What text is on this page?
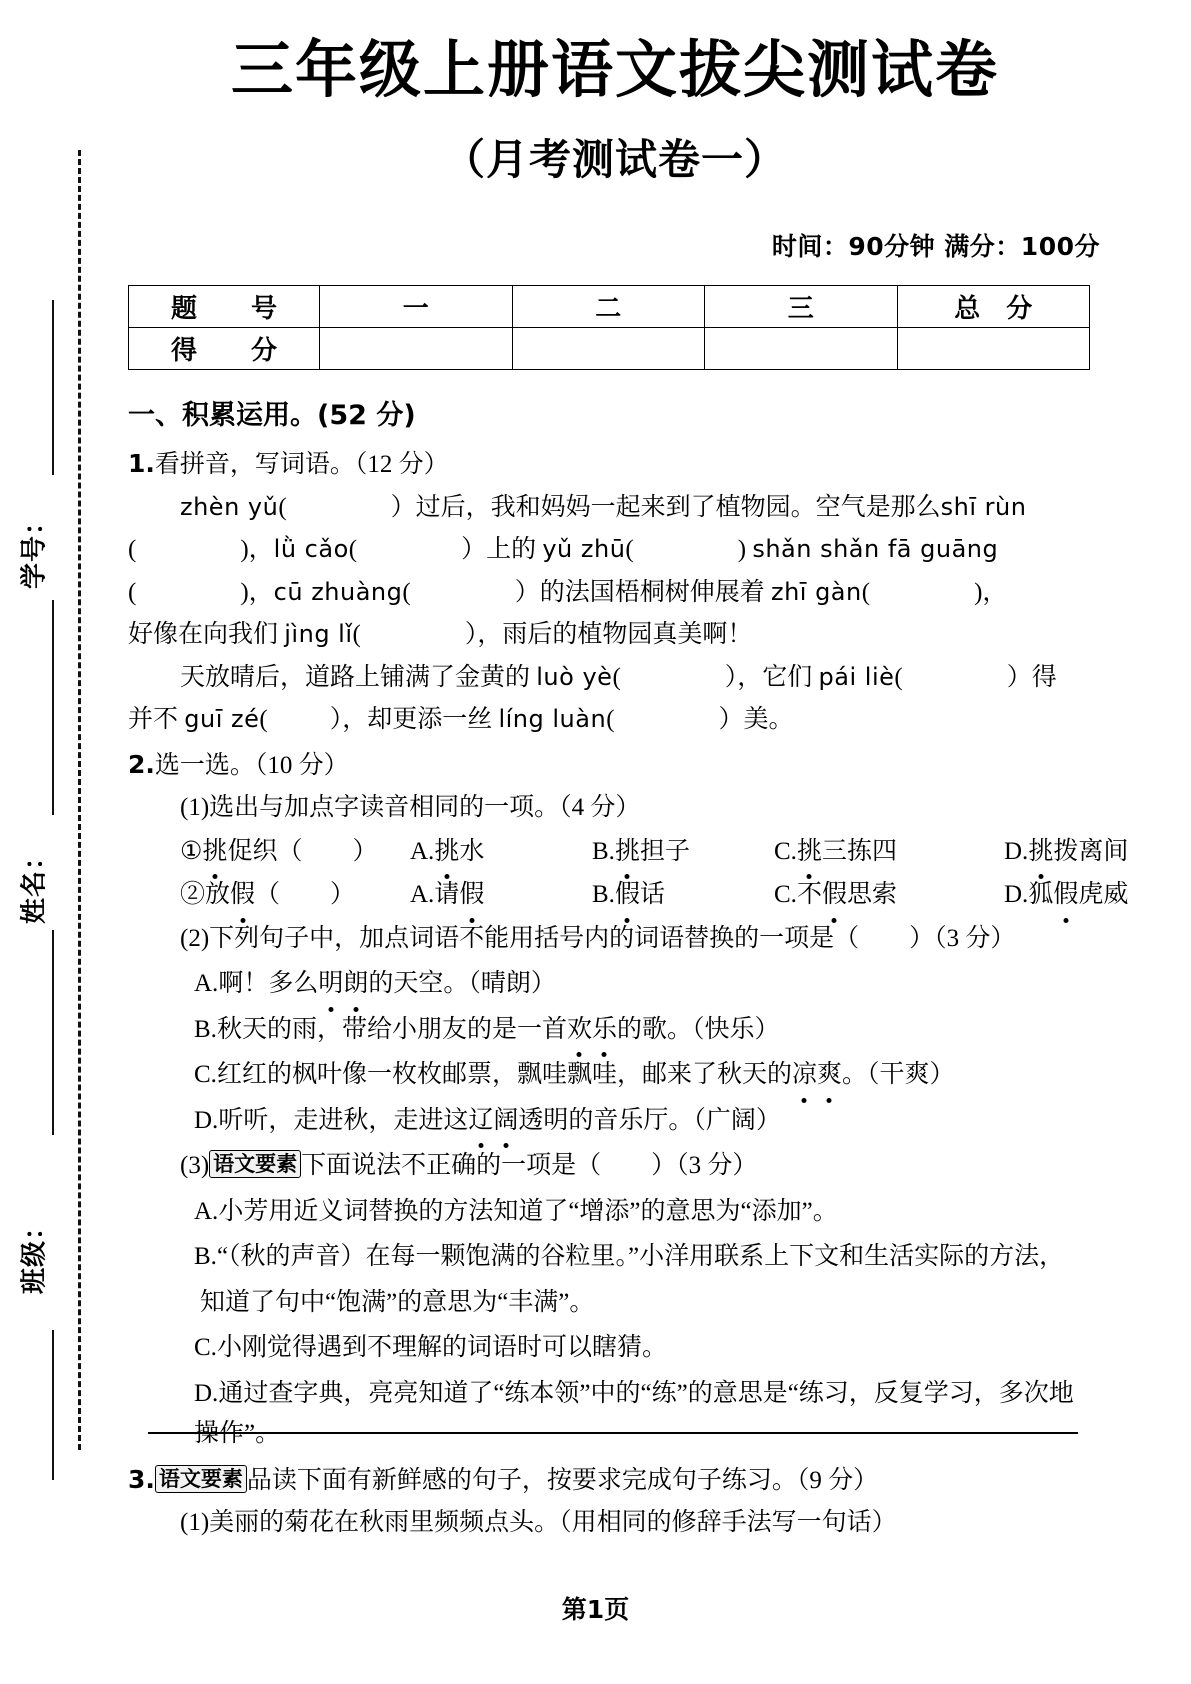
学号：
姓名：
班级：
三年级上册语文拔尖测试卷
（月考测试卷一）
时间：90分钟 满分：100分
题　号	一	二	三	总　分
得　分				
一、积累运用。(52 分)
1.看拼音，写词语。（12 分）
zhèn yǔ(	）过后，我和妈妈一起来到了植物园。空气是那么shī rùn
(	)，lǜ cǎo(	）上的 yǔ zhū(	) shǎn shǎn fā guāng
(	)，cū zhuàng(	）的法国梧桐树伸展着 zhī gàn(	)，
好像在向我们 jìng lǐ(	），雨后的植物园真美啊！
天放晴后，道路上铺满了金黄的 luò yè(	），它们 pái liè(	）得
并不 guī zé( ），却更添一丝 líng luàn(	）美。
2.选一选。（10 分）
(1)选出与加点字读音相同的一项。（4 分）
①挑促织（　　） A.挑水	B.挑担子	C.挑三拣四	D.挑拨离间
②放假（　　） A.请假	B.假话	C.不假思索	D.狐假虎威
(2)下列句子中，加点词语不能用括号内的词语替换的一项是（　　）（3 分）
A.啊！多么明朗的天空。（晴朗）
B.秋天的雨，带给小朋友的是一首欢乐的歌。（快乐）
C.红红的枫叶像一枚枚邮票，飘哇飘哇，邮来了秋天的凉爽。（干爽）
D.听听，走进秋，走进这辽阔透明的音乐厅。（广阔）
(3) 语文要素 下面说法不正确的一项是（　　）（3 分）
A.小芳用近义词替换的方法知道了“增添”的意思为“添加”。
B.“（秋的声音）在每一颗饱满的谷粒里。”小洋用联系上下文和生活实际的方法，
知道了句中“饱满”的意思为“丰满”。
C.小刚觉得遇到不理解的词语时可以瞎猜。
D.通过查字典，亮亮知道了“练本领”中的“练”的意思是“练习，反复学习，多次地操作”。
3. 语文要素 品读下面有新鲜感的句子，按要求完成句子练习。（9 分）
(1)美丽的菊花在秋雨里频频点头。（用相同的修辞手法写一句话）
第1页
